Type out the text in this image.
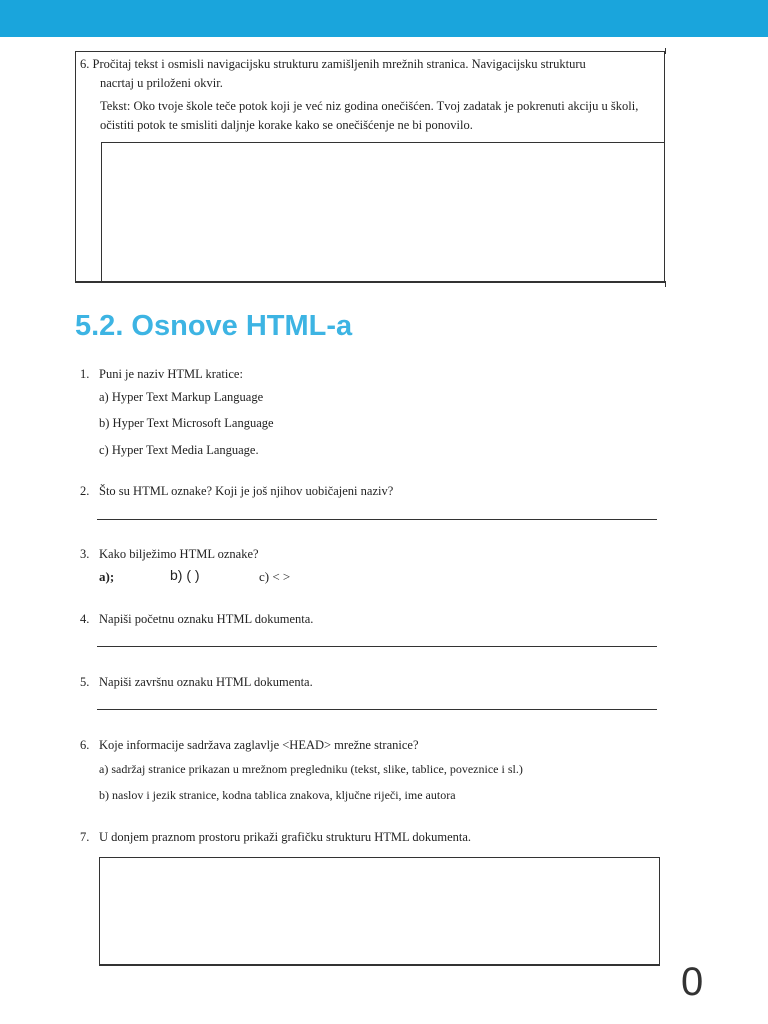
6. Pročitaj tekst i osmisli navigacijsku strukturu zamišljenih mrežnih stranica. Navigacijsku strukturu

nacrtaj u priloženi okvir.

Tekst: Oko tvoje škole teče potok koji je već niz godina onečišćen. Tvoj zadatak je pokrenuti akciju u školi,

očistiti potok te smisliti daljnje korake kako se onečišćenje ne bi ponovilo.

5.2. Osnove HTML-a
1. Puni je naziv HTML kratice:
a) Hyper Text Markup Language
b) Hyper Text Microsoft Language
c) Hyper Text Media Language.
2. Što su HTML oznake? Koji je još njihov uobičajeni naziv?
3. Kako bilježimo HTML oznake?
a);	b) ( )	c) < >
4. Napiši početnu oznaku HTML dokumenta.
5. Napiši završnu oznaku HTML dokumenta.
6. Koje informacije sadržava zaglavlje <HEAD> mrežne stranice?
a) sadržaj stranice prikazan u mrežnom pregledniku (tekst, slike, tablice, poveznice i sl.)
b) naslov i jezik stranice, kodna tablica znakova, ključne riječi, ime autora
7. U donjem praznom prostoru prikaži grafičku strukturu HTML dokumenta.
0
